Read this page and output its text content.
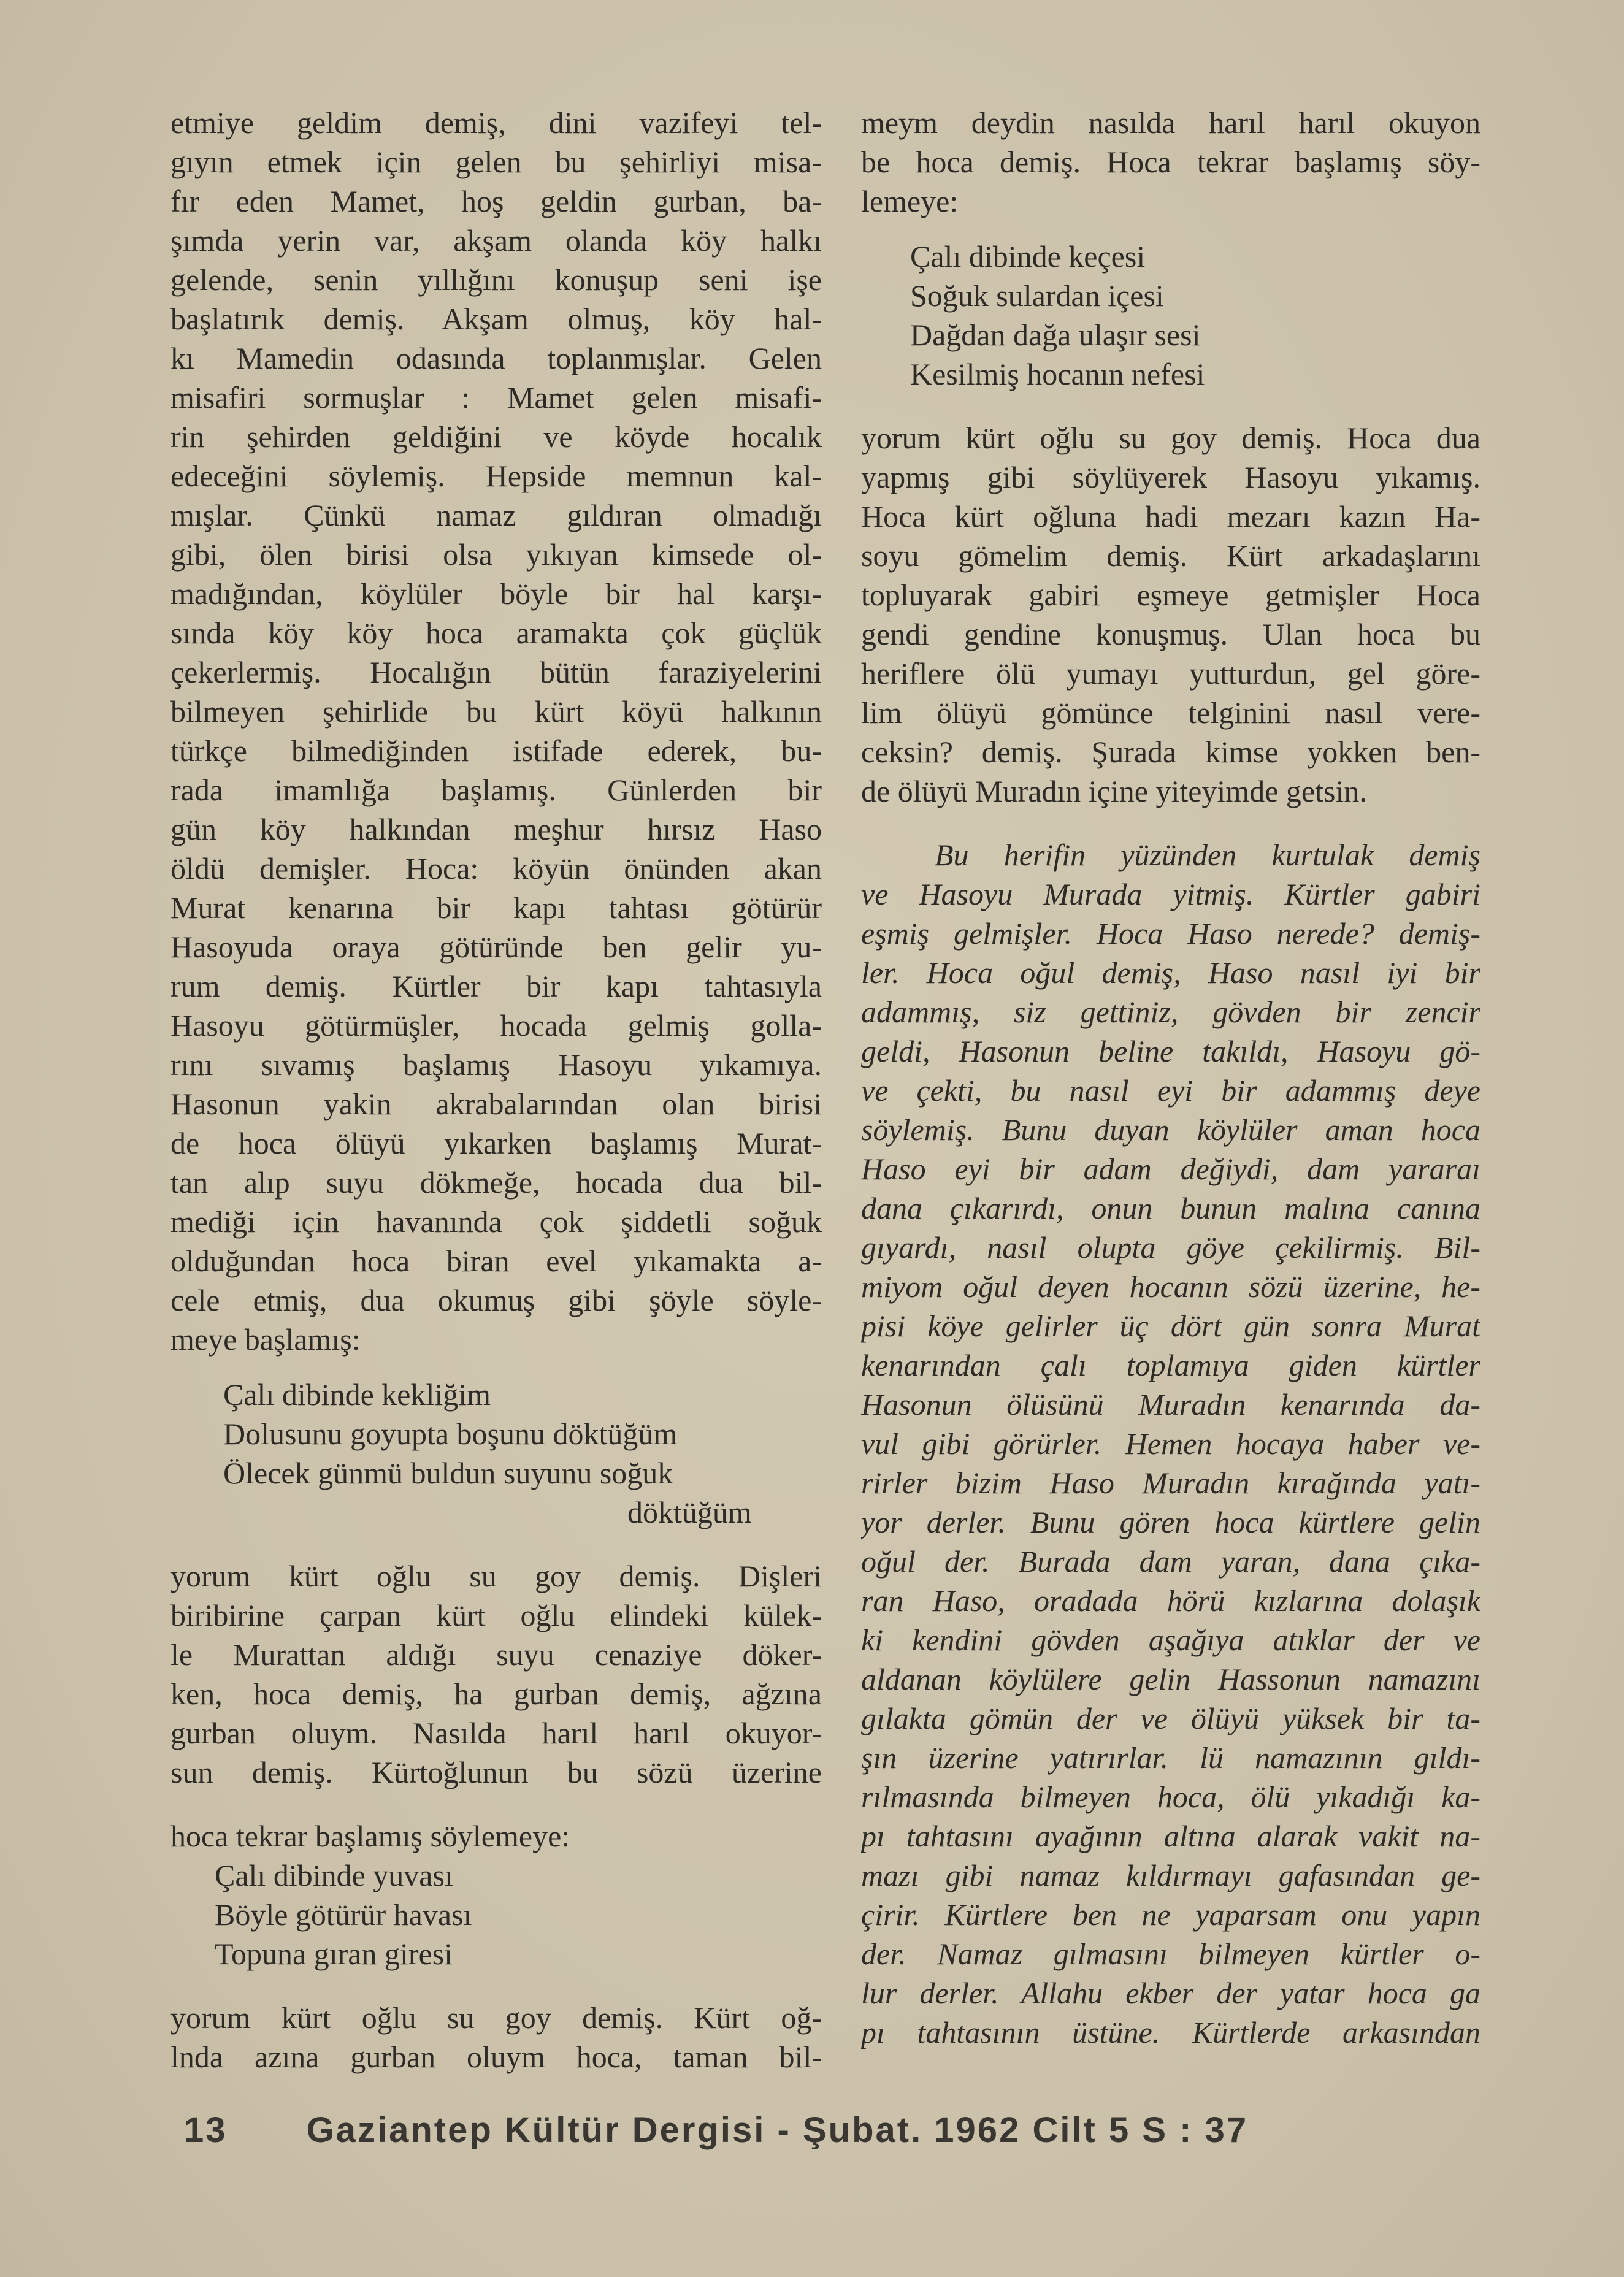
etmiye geldim demiş, dini vazifeyi tel-
gıyın etmek için gelen bu şehirliyi misa-
fır eden Mamet, hoş geldin gurban, ba-
şımda yerin var, akşam olanda köy halkı
gelende, senin yıllığını konuşup seni işe
başlatırık demiş. Akşam olmuş, köy hal-
kı Mamedin odasında toplanmışlar. Gelen
misafiri sormuşlar : Mamet gelen misafi-
rin şehirden geldiğini ve köyde hocalık
edeceğini söylemiş. Hepside memnun kal-
mışlar. Çünkü namaz gıldıran olmadığı
gibi, ölen birisi olsa yıkıyan kimsede ol-
madığından, köylüler böyle bir hal karşı-
sında köy köy hoca aramakta çok güçlük
çekerlermiş. Hocalığın bütün faraziyelerini
bilmeyen şehirlide bu kürt köyü halkının
türkçe bilmediğinden istifade ederek, bu-
rada imamlığa başlamış. Günlerden bir
gün köy halkından meşhur hırsız Haso
öldü demişler. Hoca: köyün önünden akan
Murat kenarına bir kapı tahtası götürür
Hasoyuda oraya götüründe ben gelir yu-
rum demiş. Kürtler bir kapı tahtasıyla
Hasoyu götürmüşler, hocada gelmiş golla-
rını sıvamış başlamış Hasoyu yıkamıya.
Hasonun yakin akrabalarından olan birisi
de hoca ölüyü yıkarken başlamış Murat-
tan alıp suyu dökmeğe, hocada dua bil-
mediği için havanında çok şiddetli soğuk
olduğundan hoca biran evel yıkamakta a-
cele etmiş, dua okumuş gibi şöyle söyle-
meye başlamış:
Çalı dibinde kekliğim
Dolusunu goyupta boşunu döktüğüm
Ölecek günmü buldun suyunu soğuk
döktüğüm
yorum kürt oğlu su goy demiş. Dişleri
biribirine çarpan kürt oğlu elindeki külek-
le Murattan aldığı suyu cenaziye döker-
ken, hoca demiş, ha gurban demiş, ağzına
gurban oluym. Nasılda harıl harıl okuyor-
sun demiş. Kürtoğlunun bu sözü üzerine
hoca tekrar başlamış söylemeye:
Çalı dibinde yuvası
Böyle götürür havası
Topuna gıran giresi
yorum kürt oğlu su goy demiş. Kürt oğ-
lnda azına gurban oluym hoca, taman bil-
meym deydin nasılda harıl harıl okuyon
be hoca demiş. Hoca tekrar başlamış söy-
lemeye:
Çalı dibinde keçesi
Soğuk sulardan içesi
Dağdan dağa ulaşır sesi
Kesilmiş hocanın nefesi
yorum kürt oğlu su goy demiş. Hoca dua
yapmış gibi söylüyerek Hasoyu yıkamış.
Hoca kürt oğluna hadi mezarı kazın Ha-
soyu gömelim demiş. Kürt arkadaşlarını
topluyarak gabiri eşmeye getmişler Hoca
gendi gendine konuşmuş. Ulan hoca bu
heriflere ölü yumayı yutturdun, gel göre-
lim ölüyü gömünce telginini nasıl vere-
ceksin? demiş. Şurada kimse yokken ben-
de ölüyü Muradın içine yiteyimde getsin.
Bu herifin yüzünden kurtulak demiş
ve Hasoyu Murada yitmiş. Kürtler gabiri
eşmiş gelmişler. Hoca Haso nerede? demiş-
ler. Hoca oğul demiş, Haso nasıl iyi bir
adammış, siz gettiniz, gövden bir zencir
geldi, Hasonun beline takıldı, Hasoyu gö-
ve çekti, bu nasıl eyi bir adammış deye
söylemiş. Bunu duyan köylüler aman hoca
Haso eyi bir adam değiydi, dam yararaı
dana çıkarırdı, onun bunun malına canına
gıyardı, nasıl olupta göye çekilirmiş. Bil-
miyom oğul deyen hocanın sözü üzerine, he-
pisi köye gelirler üç dört gün sonra Murat
kenarından çalı toplamıya giden kürtler
Hasonun ölüsünü Muradın kenarında da-
vul gibi görürler. Hemen hocaya haber ve-
rirler bizim Haso Muradın kırağında yatı-
yor derler. Bunu gören hoca kürtlere gelin
oğul der. Burada dam yaran, dana çıka-
ran Haso, oradada hörü kızlarına dolaşık
ki kendini gövden aşağıya atıklar der ve
aldanan köylülere gelin Hassonun namazını
gılakta gömün der ve ölüyü yüksek bir ta-
şın üzerine yatırırlar. lü namazının gıldı-
rılmasında bilmeyen hoca, ölü yıkadığı ka-
pı tahtasını ayağının altına alarak vakit na-
mazı gibi namaz kıldırmayı gafasından ge-
çirir. Kürtlere ben ne yaparsam onu yapın
der. Namaz gılmasını bilmeyen kürtler o-
lur derler. Allahu ekber der yatar hoca ga
pı tahtasının üstüne. Kürtlerde arkasından
13 Gaziantep Kültür Dergisi - Şubat. 1962 Cilt 5 S : 37
